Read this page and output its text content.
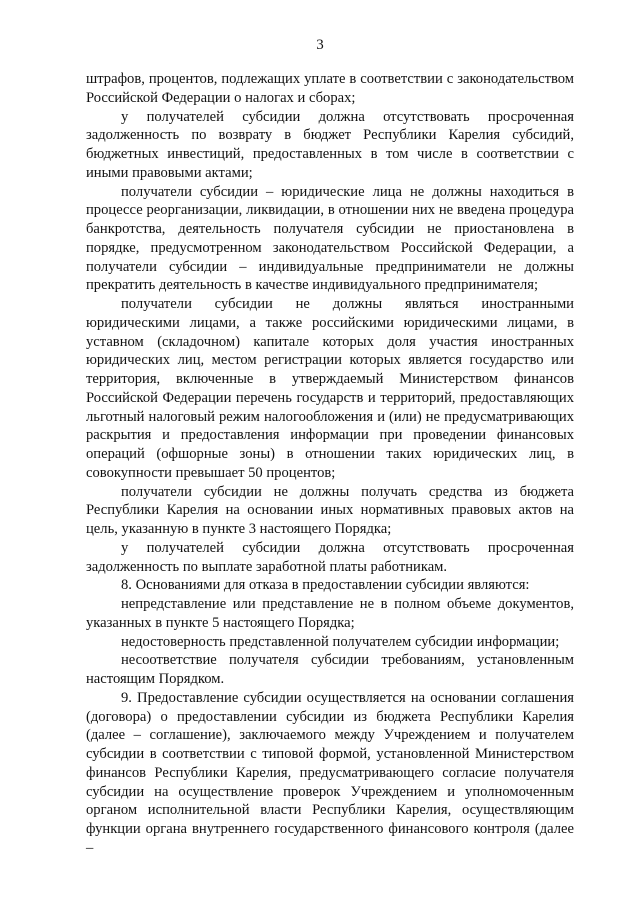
3

штрафов, процентов, подлежащих уплате в соответствии с законодательством Российской Федерации о налогах и сборах;

у получателей субсидии должна отсутствовать просроченная задолженность по возврату в бюджет Республики Карелия субсидий, бюджетных инвестиций, предоставленных в том числе в соответствии с иными правовыми актами;

получатели субсидии – юридические лица не должны находиться в процессе реорганизации, ликвидации, в отношении них не введена процедура банкротства, деятельность получателя субсидии не приостановлена в порядке, предусмотренном законодательством Российской Федерации, а получатели субсидии – индивидуальные предприниматели не должны прекратить деятельность в качестве индивидуального предпринимателя;

получатели субсидии не должны являться иностранными юридическими лицами, а также российскими юридическими лицами, в уставном (складочном) капитале которых доля участия иностранных юридических лиц, местом регистрации которых является государство или территория, включенные в утверждаемый Министерством финансов Российской Федерации перечень государств и территорий, предоставляющих льготный налоговый режим налогообложения и (или) не предусматривающих раскрытия и предоставления информации при проведении финансовых операций (офшорные зоны) в отношении таких юридических лиц, в совокупности превышает 50 процентов;

получатели субсидии не должны получать средства из бюджета Республики Карелия на основании иных нормативных правовых актов на цель, указанную в пункте 3 настоящего Порядка;

у получателей субсидии должна отсутствовать просроченная задолженность по выплате заработной платы работникам.

8. Основаниями для отказа в предоставлении субсидии являются:

непредставление или представление не в полном объеме документов, указанных в пункте 5 настоящего Порядка;

недостоверность представленной получателем субсидии информации;

несоответствие получателя субсидии требованиям, установленным настоящим Порядком.

9. Предоставление субсидии осуществляется на основании соглашения (договора) о предоставлении субсидии из бюджета Республики Карелия (далее – соглашение), заключаемого между Учреждением и получателем субсидии в соответствии с типовой формой, установленной Министерством финансов Республики Карелия, предусматривающего согласие получателя субсидии на осуществление проверок Учреждением и уполномоченным органом исполнительной власти Республики Карелия, осуществляющим функции органа внутреннего государственного финансового контроля (далее –
